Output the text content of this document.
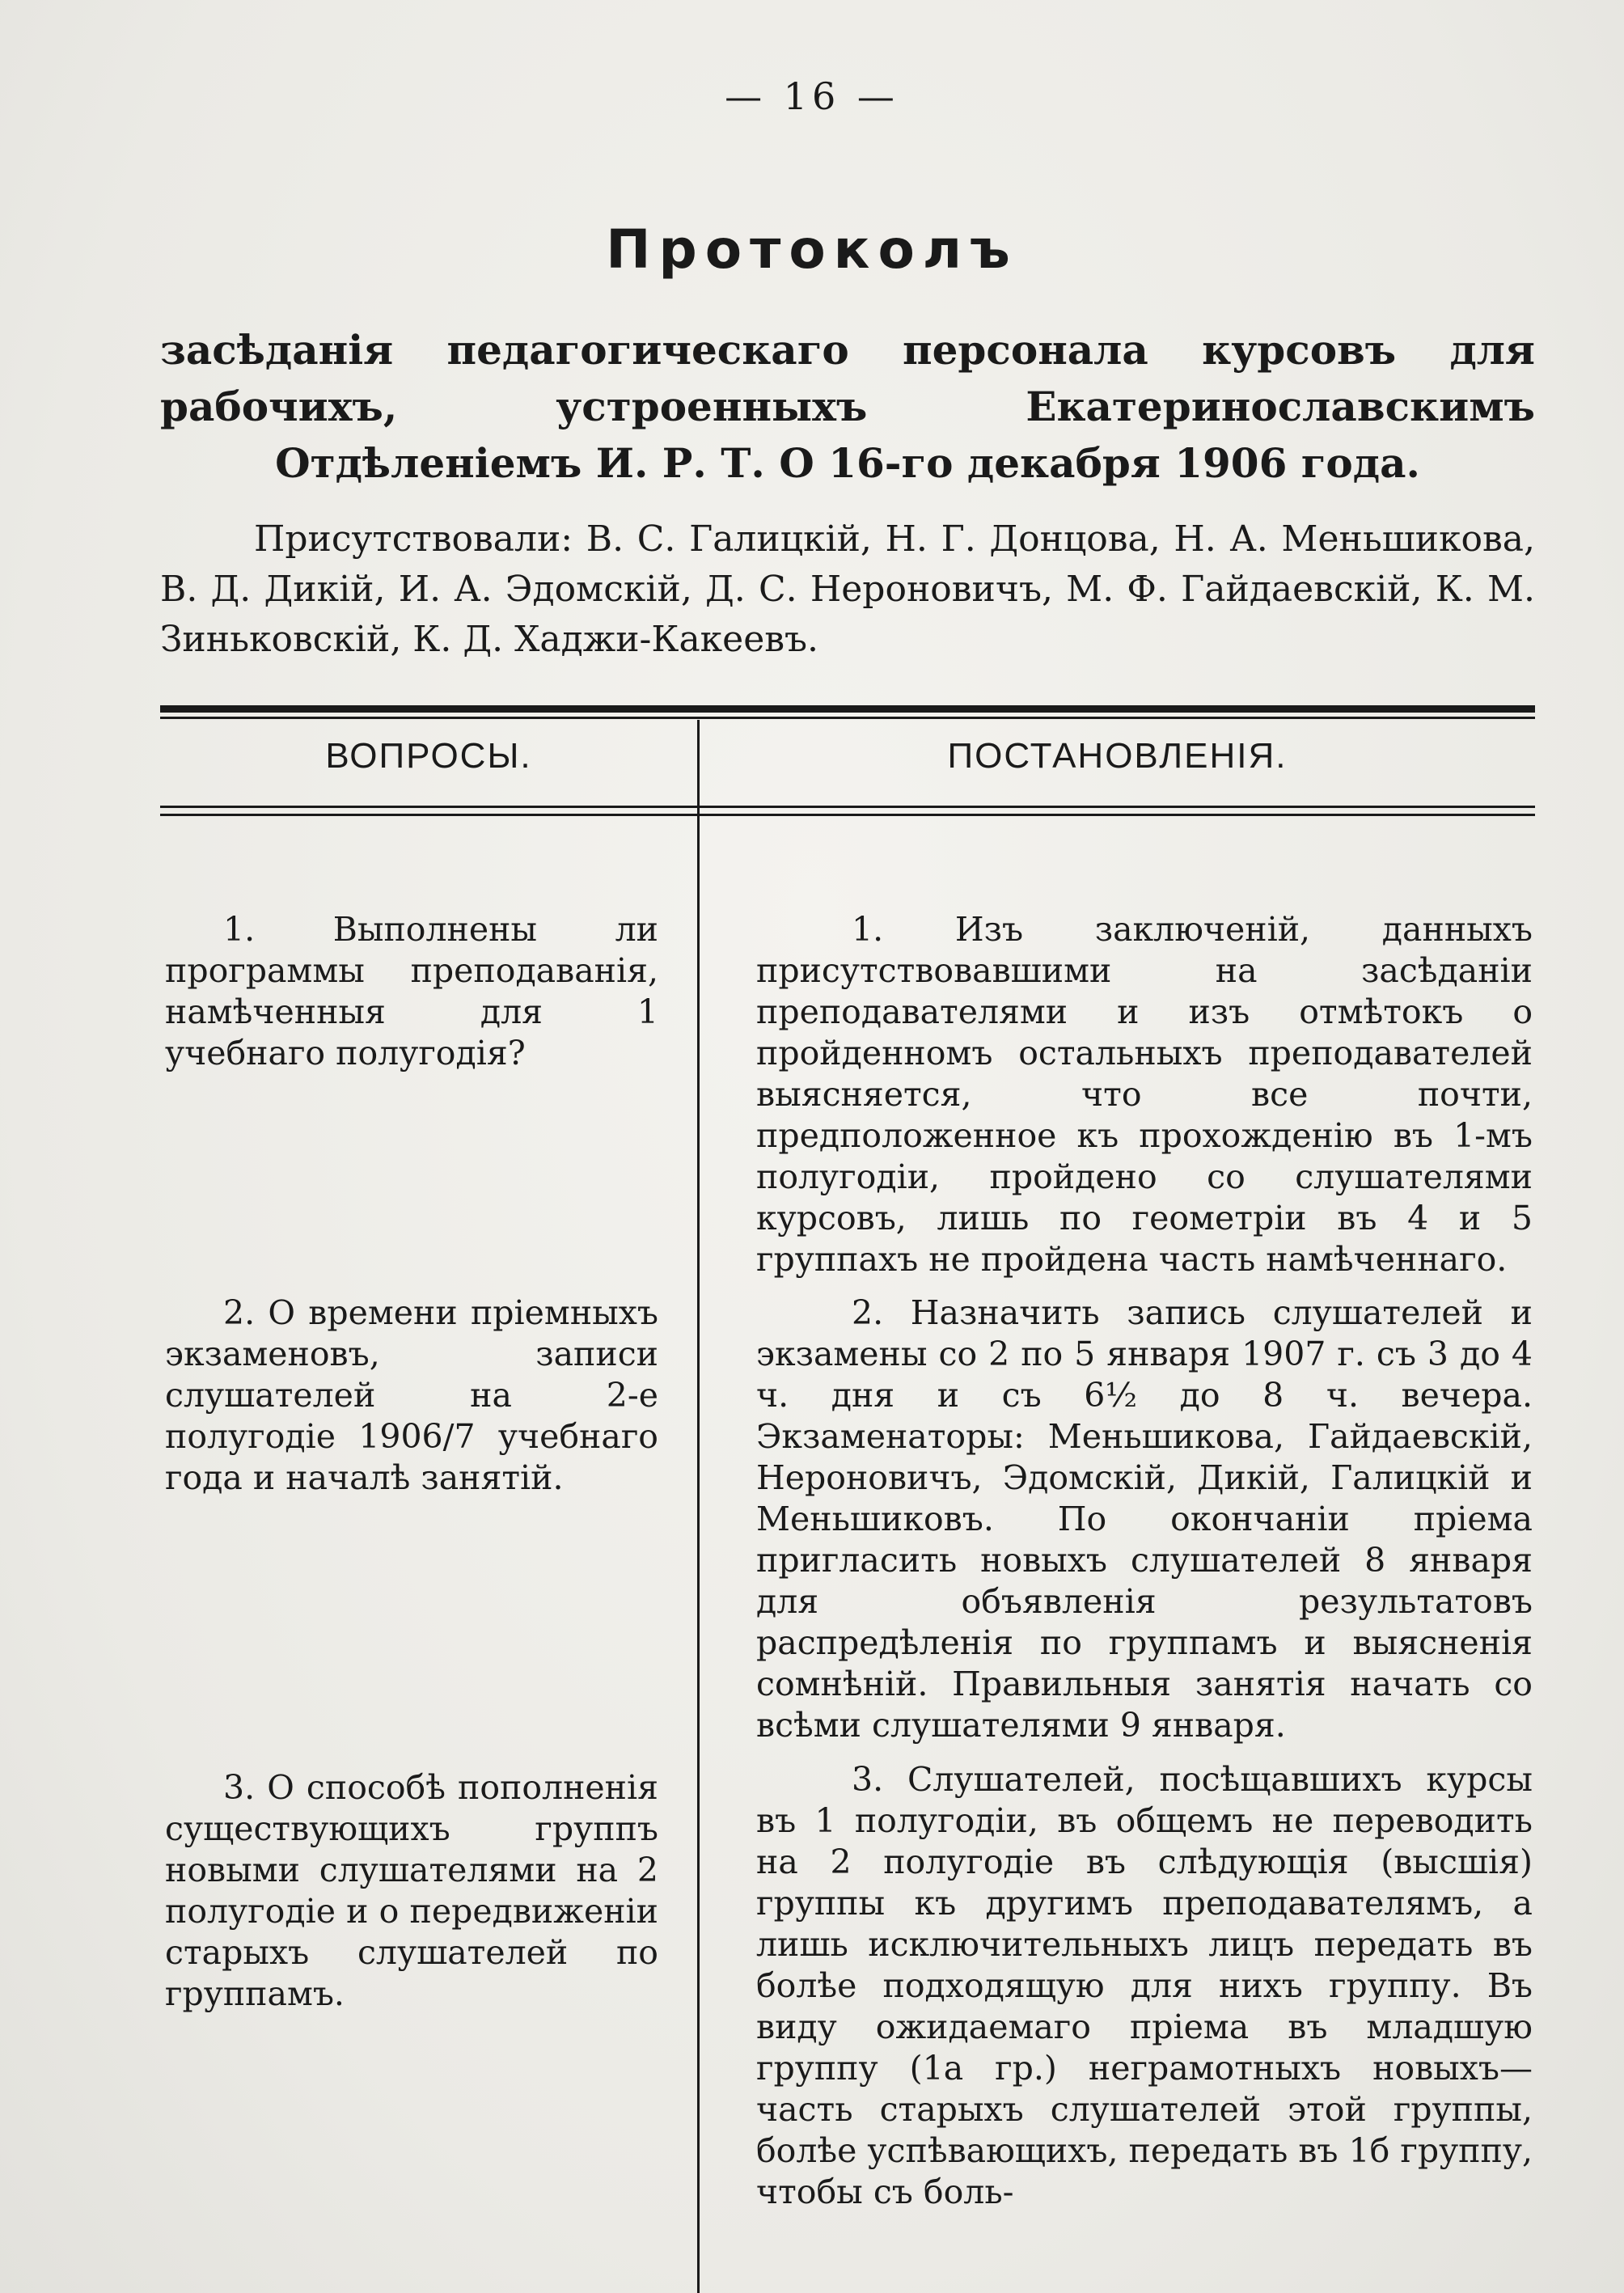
— 16 —
Протоколъ
засѣданія педагогическаго персонала курсовъ для рабочихъ, устроенныхъ Екатеринославскимъ Отдѣленіемъ И. Р. Т. О 16-го декабря 1906 года.
Присутствовали: В. С. Галицкій, Н. Г. Донцова, Н. А. Меньшикова, В. Д. Дикій, И. А. Эдомскій, Д. С. Нероновичъ, М. Ф. Гайдаевскій, К. М. Зиньковскій, К. Д. Хаджи-Какеевъ.
ВОПРОСЫ.	ПОСТАНОВЛЕНІЯ.
1. Выполнены ли программы преподаванія, намѣченныя для 1 учебнаго полугодія?
1. Изъ заключеній, данныхъ присутствовавшими на засѣданіи преподавателями и изъ отмѣтокъ о пройденномъ остальныхъ преподавателей выясняется, что все почти, предположенное къ прохожденію въ 1-мъ полугодіи, пройдено со слушателями курсовъ, лишь по геометріи въ 4 и 5 группахъ не пройдена часть намѣченнаго.
2. О времени пріемныхъ экзаменовъ, записи слушателей на 2-е полугодіе 1906/7 учебнаго года и началѣ занятій.
2. Назначить запись слушателей и экзамены со 2 по 5 января 1907 г. съ 3 до 4 ч. дня и съ 6½ до 8 ч. вечера. Экзаменаторы: Меньшикова, Гайдаевскій, Нероновичъ, Эдомскій, Дикій, Галицкій и Меньшиковъ. По окончаніи пріема пригласить новыхъ слушателей 8 января для объявленія результатовъ распредѣленія по группамъ и выясненія сомнѣній. Правильныя занятія начать со всѣми слушателями 9 января.
3. О способѣ пополненія существующихъ группъ новыми слушателями на 2 полугодіе и о передвиженіи старыхъ слушателей по группамъ.
3. Слушателей, посѣщавшихъ курсы въ 1 полугодіи, въ общемъ не переводить на 2 полугодіе въ слѣдующія (высшія) группы къ другимъ преподавателямъ, а лишь исключительныхъ лицъ передать въ болѣе подходящую для нихъ группу. Въ виду ожидаемаго пріема въ младшую группу (1а гр.) неграмотныхъ новыхъ—часть старыхъ слушателей этой группы, болѣе успѣвающихъ, передать въ 1б группу, чтобы съ боль-
